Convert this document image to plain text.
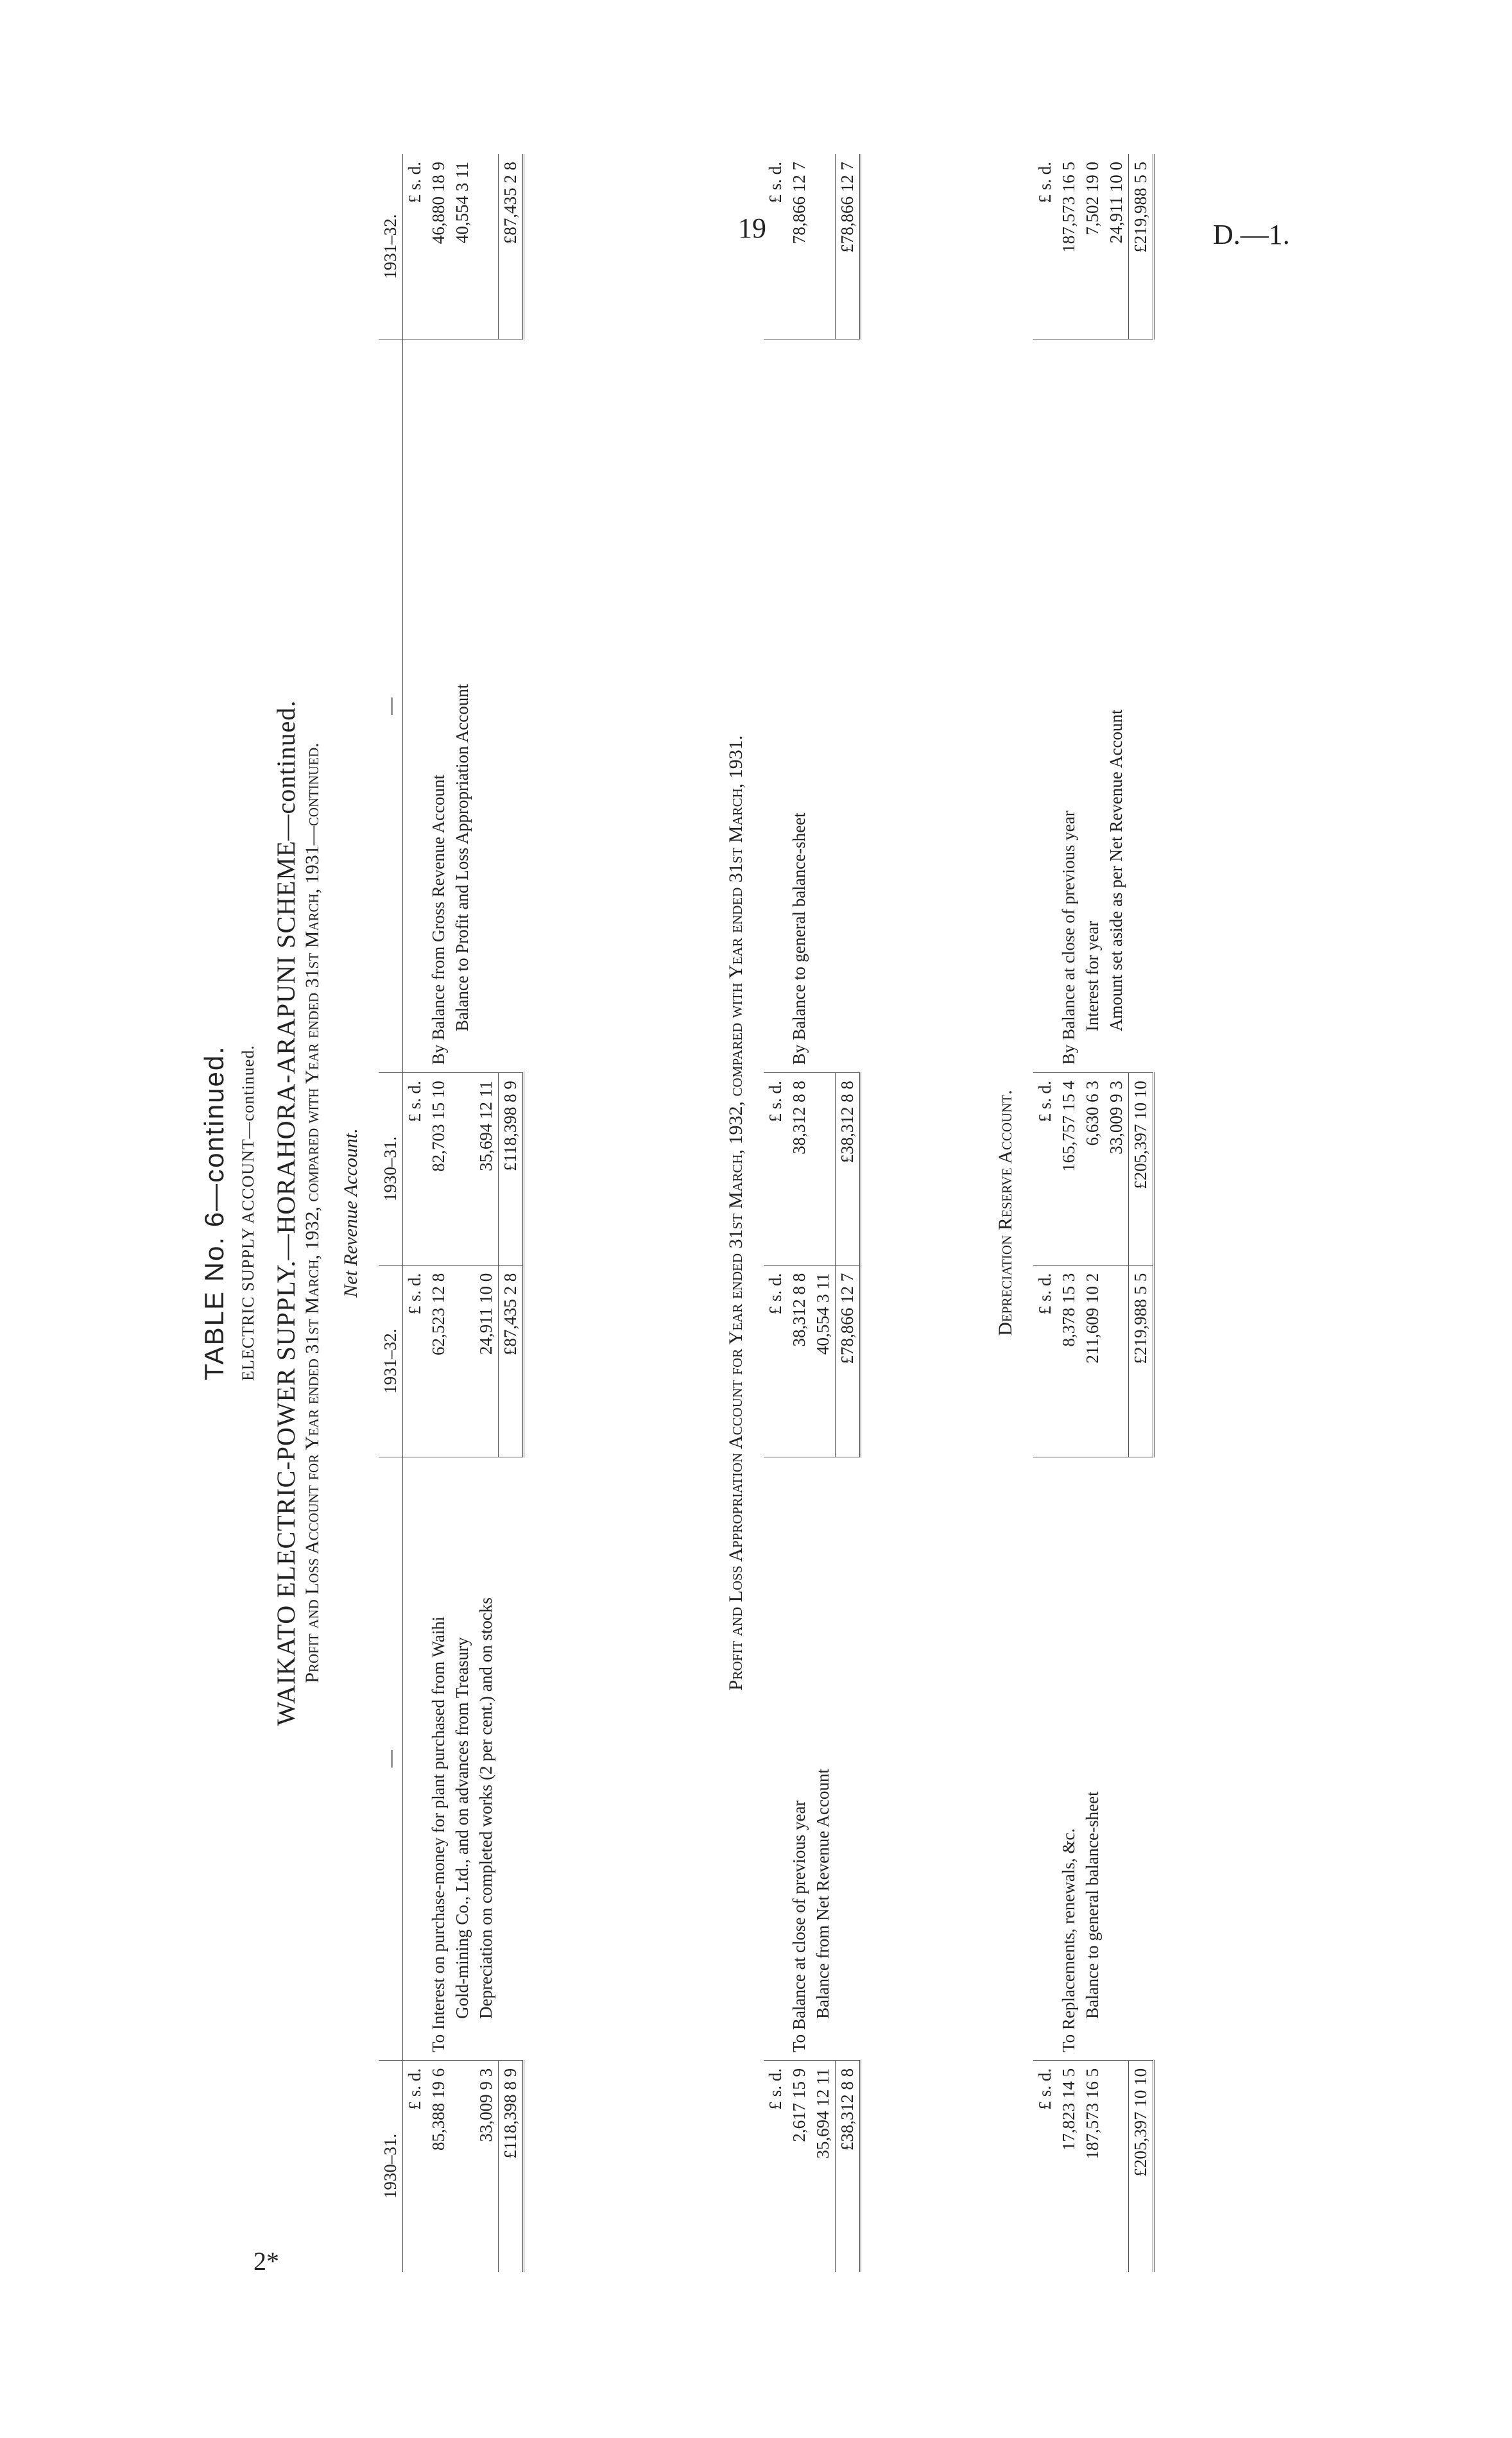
19	D.—1.
2*
TABLE No. 6—continued. ELECTRIC SUPPLY ACCOUNT—continued. WAIKATO ELECTRIC-POWER SUPPLY.—HORAHORA-ARAPUNI SCHEME—continued. Profit and Loss Account for Year ended 31st March, 1932, compared with Year ended 31st March, 1931—continued. Net Revenue Account.
1930–31.	—	1931–32.	1930–31.	—	1931–32.
£ s. d.		£ s. d.	£ s. d.		£ s. d.
85,388 19 6	To Interest on purchase-money for plant purchased from Waihi	62,523 12 8	82,703 15 10	By Balance from Gross Revenue Account	46,880 18 9
	Gold-mining Co., Ltd., and on advances from Treasury			Balance to Profit and Loss Appropriation Account	40,554 3 11
33,009 9 3	Depreciation on completed works (2 per cent.) and on stocks	24,911 10 0	35,694 12 11		
£118,398 8 9		£87,435 2 8	£118,398 8 9		£87,435 2 8
Profit and Loss Appropriation Account for Year ended 31st March, 1932, compared with Year ended 31st March, 1931.
£ s. d.		£ s. d.	£ s. d.		£ s. d.
2,617 15 9	To Balance at close of previous year	38,312 8 8	38,312 8 8	By Balance to general balance-sheet	78,866 12 7
35,694 12 11	Balance from Net Revenue Account	40,554 3 11			
£38,312 8 8		£78,866 12 7	£38,312 8 8		£78,866 12 7
Depreciation Reserve Account.
£ s. d.		£ s. d.	£ s. d.		£ s. d.
17,823 14 5	To Replacements, renewals, &c.	8,378 15 3	165,757 15 4	By Balance at close of previous year	187,573 16 5
187,573 16 5	Balance to general balance-sheet	211,609 10 2	6,630 6 3	Interest for year	7,502 19 0
			33,009 9 3	Amount set aside as per Net Revenue Account	24,911 10 0
£205,397 10 10		£219,988 5 5	£205,397 10 10		£219,988 5 5
